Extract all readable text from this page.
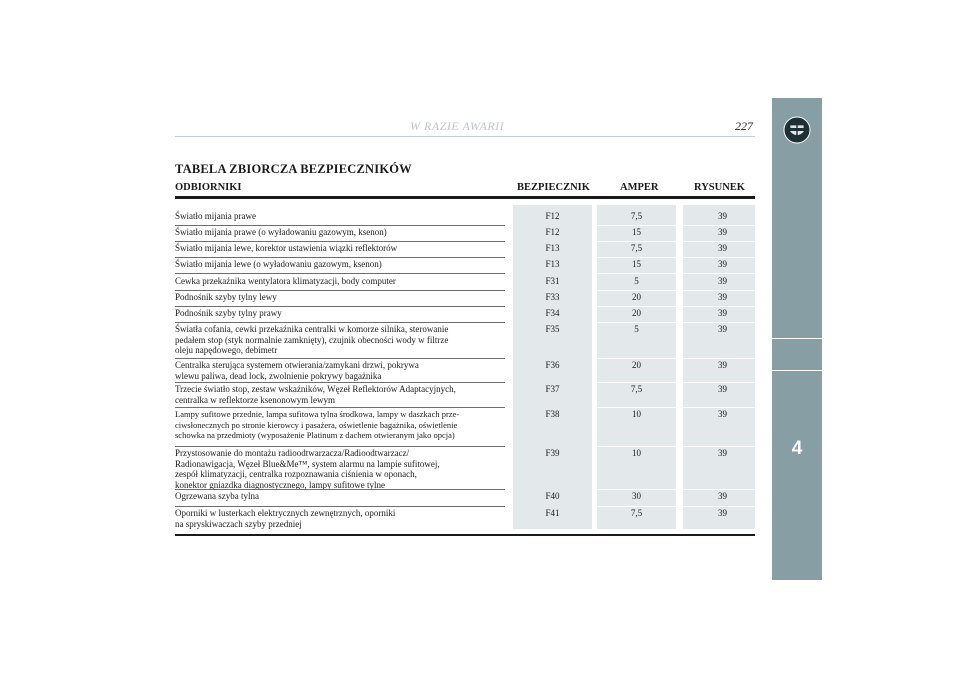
W RAZIE AWARII	227
4
TABELA ZBIORCZA BEZPIECZNIKÓW
ODBIORNIKI	BEZPIECZNIK	AMPER	RYSUNEK
Światło mijania prawe	F12	7,5	39
Światło mijania prawe (o wyładowaniu gazowym, ksenon)	F12	15	39
Światło mijania lewe, korektor ustawienia wiązki reflektorów	F13	7,5	39
Światło mijania lewe (o wyładowaniu gazowym, ksenon)	F13	15	39
Cewka przekaźnika wentylatora klimatyzacji, body computer	F31	5	39
Podnośnik szyby tylny lewy	F33	20	39
Podnośnik szyby tylny prawy	F34	20	39
Światła cofania, cewki przekaźnika centralki w komorze silnika, sterowanie
pedałem stop (styk normalnie zamknięty), czujnik obecności wody w filtrze
oleju napędowego, debimetr
F35	5	39
Centralka sterująca systemem otwierania/zamykani drzwi, pokrywa
wlewu paliwa, dead lock, zwolnienie pokrywy bagażnika
F36	20	39
Trzecie światło stop, zestaw wskaźników, Węzeł Reflektorów Adaptacyjnych,
centralka w reflektorze ksenonowym lewym
F37	7,5	39
Lampy sufitowe przednie, lampa sufitowa tylna środkowa, lampy w daszkach prze-
ciwsłonecznych po stronie kierowcy i pasażera, oświetlenie bagażnika, oświetlenie
schowka na przedmioty (wyposażenie Platinum z dachem otwieranym jako opcja)
F38	10	39
Przystosowanie do montażu radioodtwarzacza/Radioodtwarzacz/
Radionawigacja, Węzeł Blue&Me™, system alarmu na lampie sufitowej,
zespół klimatyzacji, centralka rozpoznawania ciśnienia w oponach,
konektor gniazdka diagnostycznego, lampy sufitowe tylne
F39	10	39
Ogrzewana szyba tylna	F40	30	39
Oporniki w lusterkach elektrycznych zewnętrznych, oporniki
na spryskiwaczach szyby przedniej
F41	7,5	39
